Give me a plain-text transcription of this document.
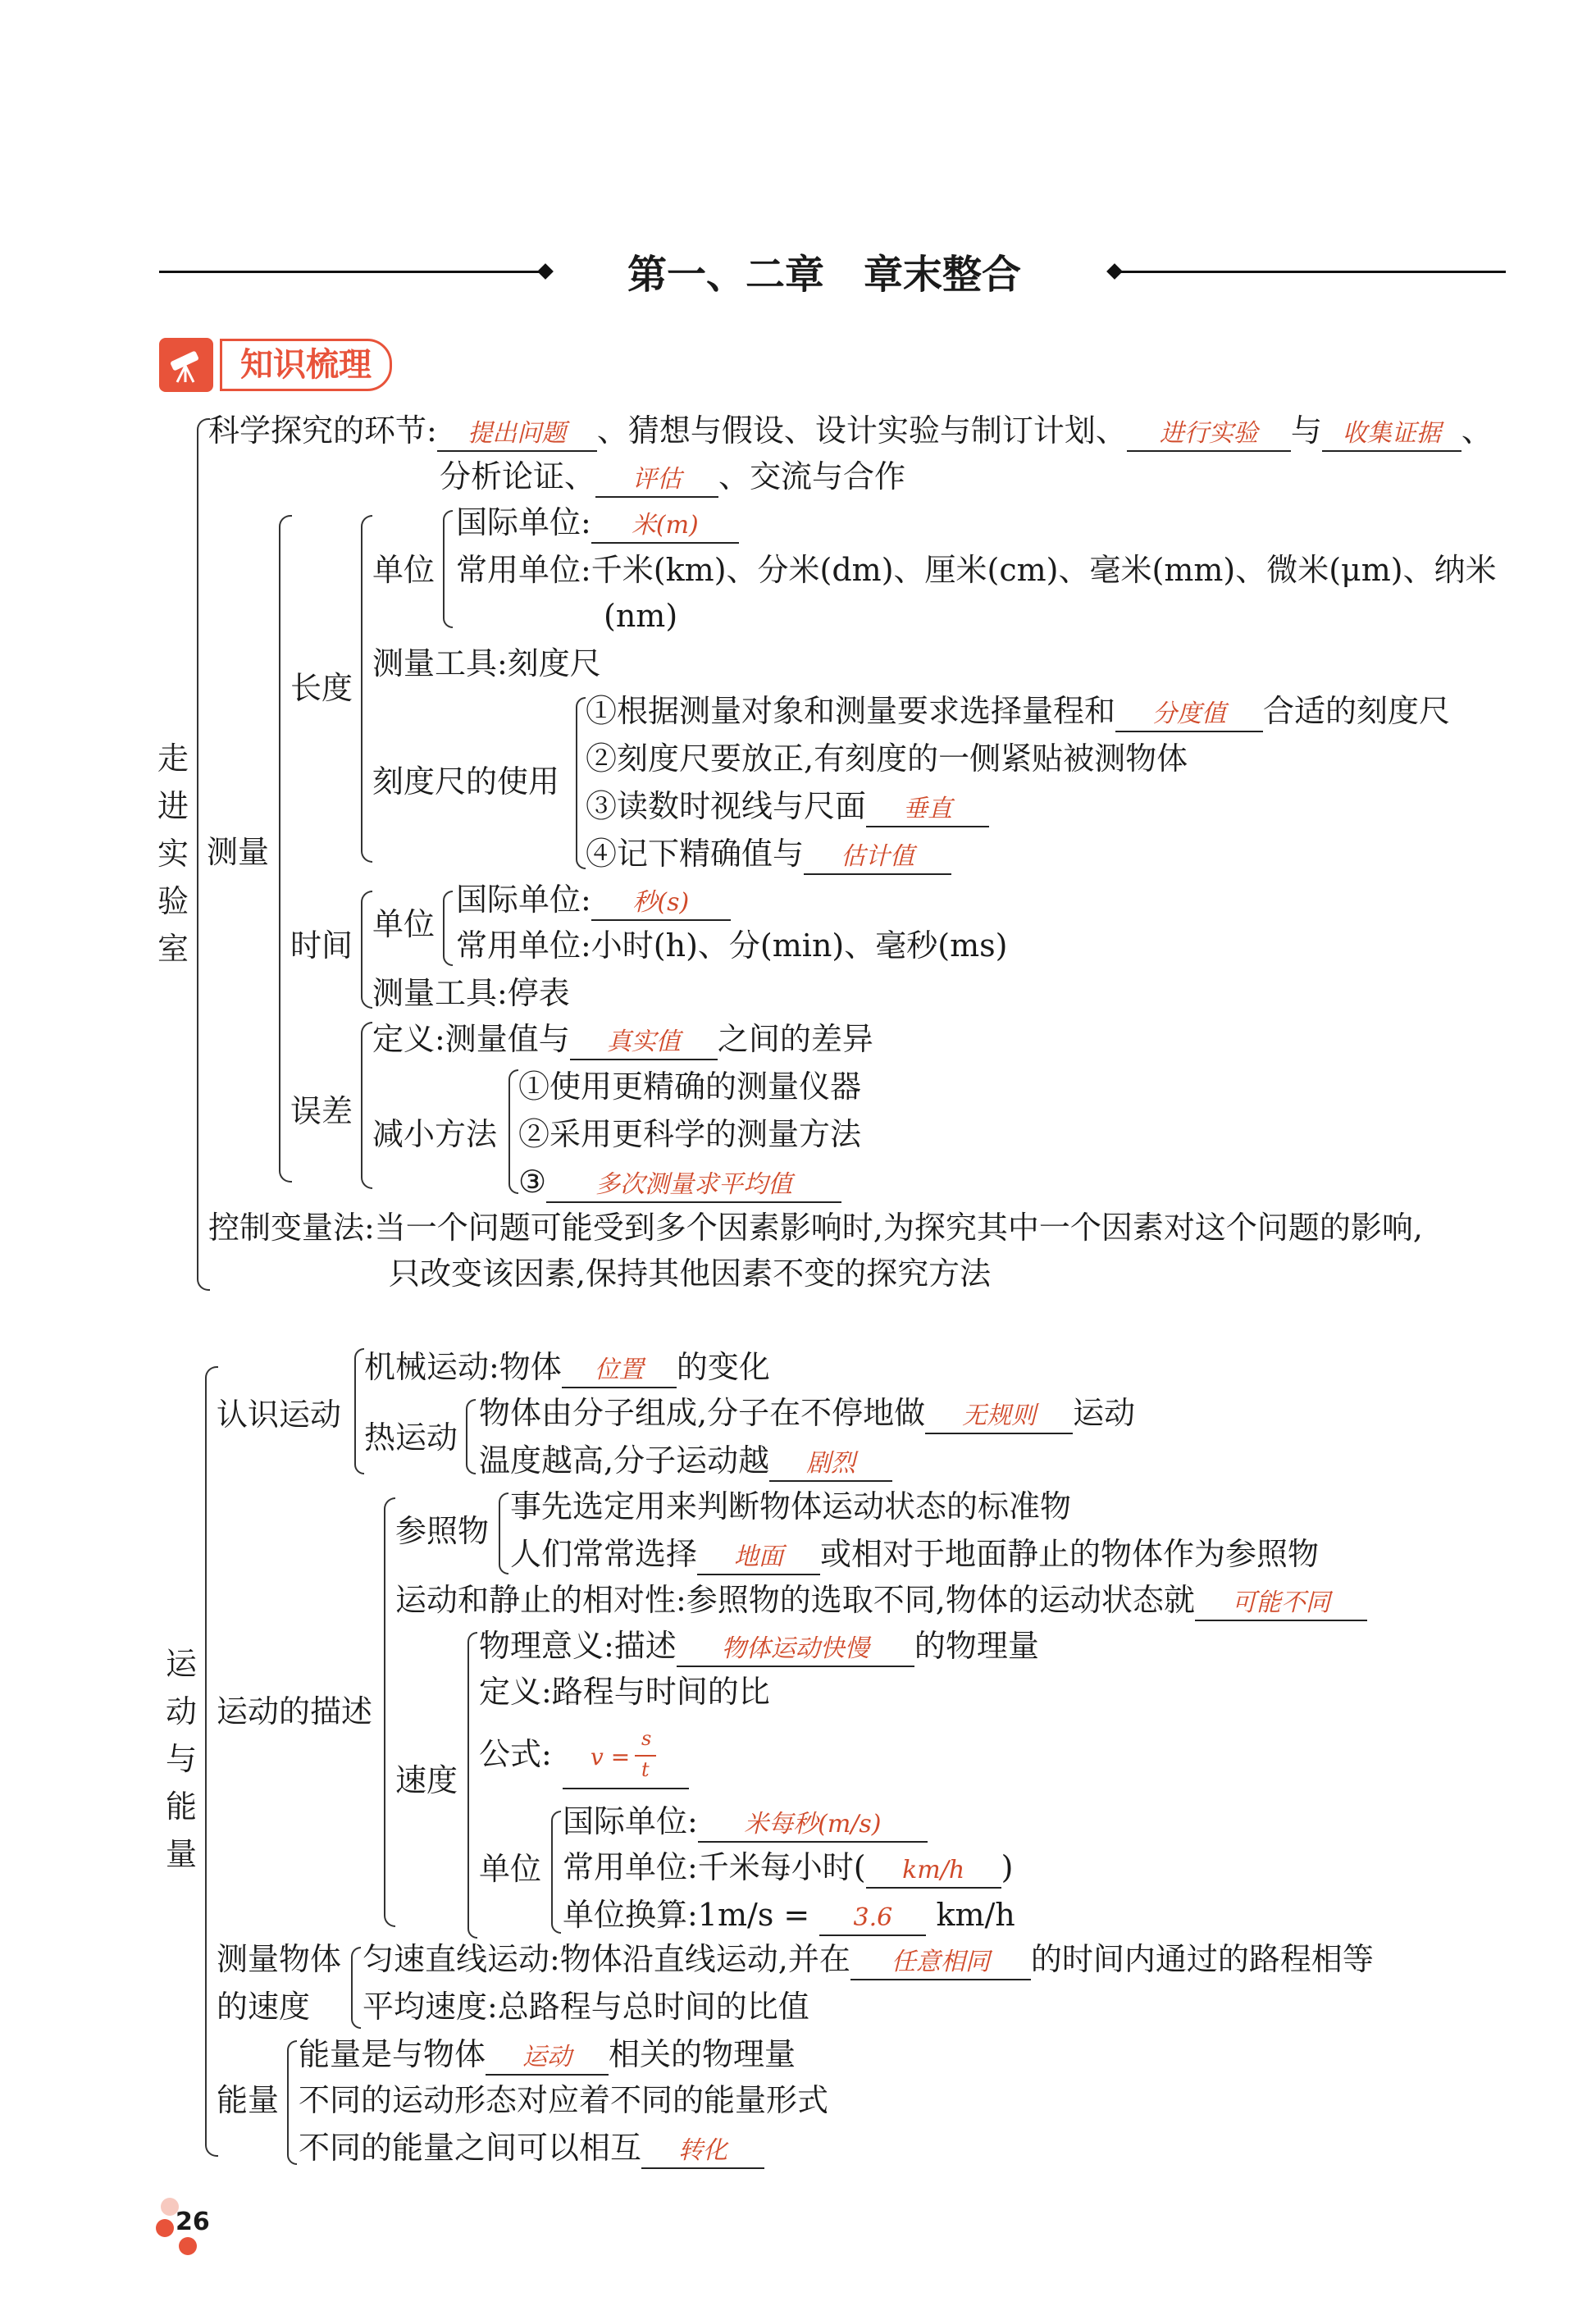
第一、二章　章末整合
知识梳理
走
进
实
验
室
科学探究的环节: 提出问题 、猜想与假设、设计实验与制订计划、 进行实验 与 收集证据 、
分析论证、 评估 、交流与合作
测量
长度
单位
国际单位: 米(m)
常用单位:千米(km)、分米(dm)、厘米(cm)、毫米(mm)、微米(μm)、纳米
(nm)
测量工具:刻度尺
刻度尺的使用
①根据测量对象和测量要求选择量程和 分度值 合适的刻度尺
②刻度尺要放正,有刻度的一侧紧贴被测物体
③读数时视线与尺面 垂直
④记下精确值与 估计值
时间
单位
国际单位: 秒(s)
常用单位:小时(h)、分(min)、毫秒(ms)
测量工具:停表
误差
定义:测量值与 真实值 之间的差异
减小方法
①使用更精确的测量仪器
②采用更科学的测量方法
③ 多次测量求平均值
控制变量法:当一个问题可能受到多个因素影响时,为探究其中一个因素对这个问题的影响,
只改变该因素,保持其他因素不变的探究方法
运
动
与
能
量
认识运动
机械运动:物体 位置 的变化
热运动
物体由分子组成,分子在不停地做 无规则 运动
温度越高,分子运动越 剧烈
运动的描述
参照物
事先选定用来判断物体运动状态的标准物
人们常常选择 地面 或相对于地面静止的物体作为参照物
运动和静止的相对性:参照物的选取不同,物体的运动状态就 可能不同
速度
物理意义:描述 物体运动快慢 的物理量
定义:路程与时间的比
公式: v =
s
t
单位
国际单位: 米每秒(m/s)
常用单位:千米每小时( km/h )
单位换算:1m/s = 3.6 km/h
测量物体
的速度
匀速直线运动:物体沿直线运动,并在 任意相同 的时间内通过的路程相等
平均速度:总路程与总时间的比值
能量
能量是与物体 运动 相关的物理量
不同的运动形态对应着不同的能量形式
不同的能量之间可以相互 转化
26
